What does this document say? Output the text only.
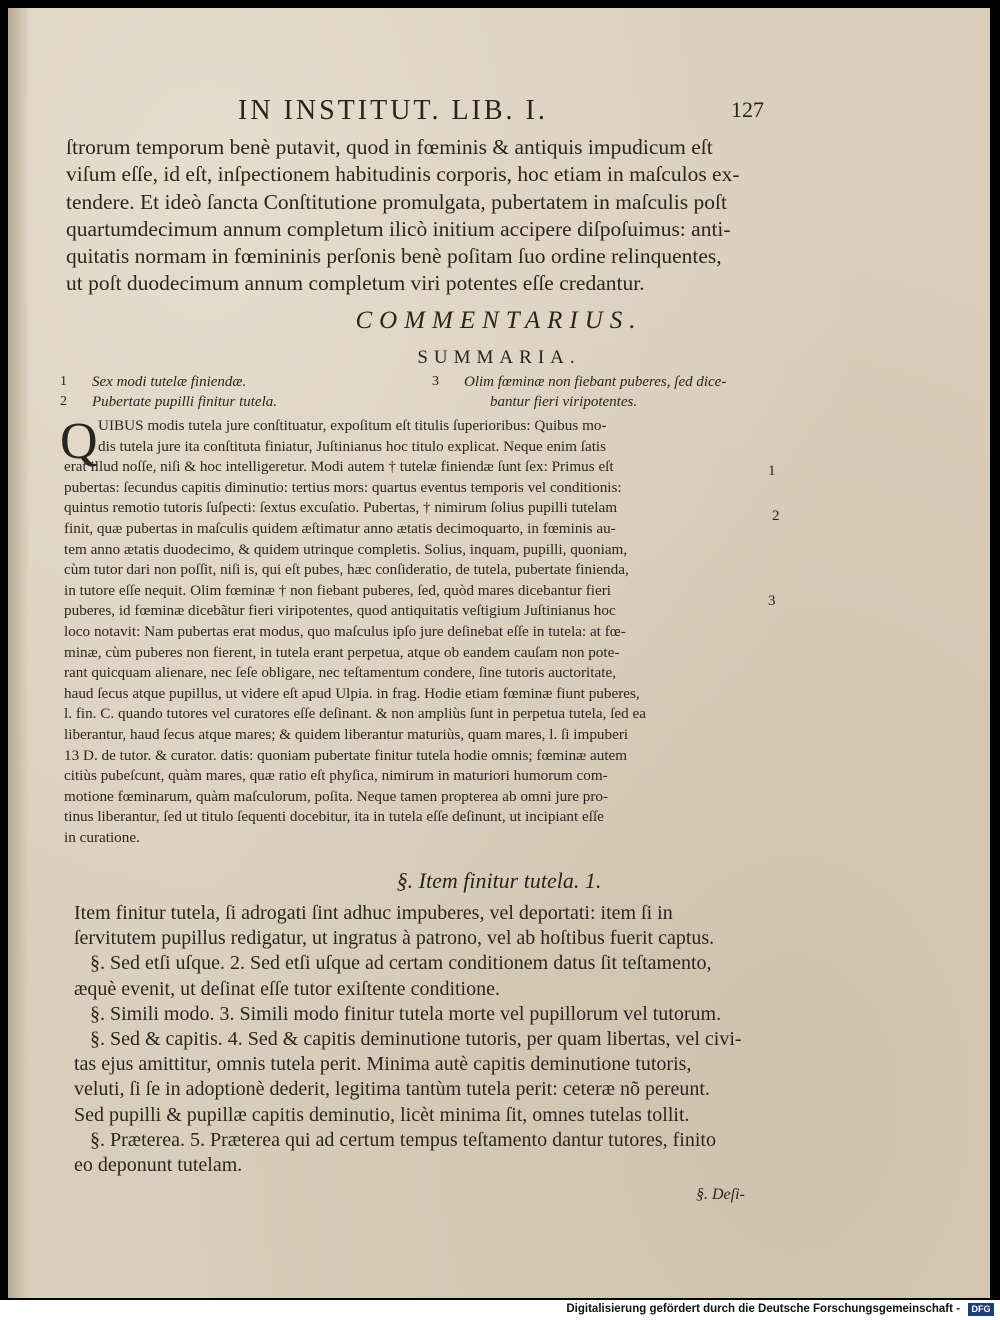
IN INSTITUT. LIB. I.	127
ſtrorum temporum benè putavit, quod in fœminis & antiquis impudicum eſt
viſum eſſe, id eſt, inſpectionem habitudinis corporis, hoc etiam in maſculos ex-
tendere. Et ideò ſancta Conſtitutione promulgata, pubertatem in maſculis poſt
quartumdecimum annum completum ilicò initium accipere diſpoſuimus: anti-
quitatis normam in fœmininis perſonis benè poſitam ſuo ordine relinquentes,
ut poſt duodecimum annum completum viri potentes eſſe credantur.
COMMENTARIUS.
SUMMARIA.
1 Sex modi tutelæ finiendæ.
2 Pubertate pupilli finitur tutela.
3 Olim fœminæ non fiebant puberes, ſed dice-
bantur fieri viripotentes.
Q UIBUS modis tutela jure conſtituatur, expoſitum eſt titulis ſuperioribus: Quibus mo-
dis tutela jure ita conſtituta finiatur, Juſtinianus hoc titulo explicat. Neque enim ſatis
erat illud noſſe, niſi & hoc intelligeretur. Modi autem † tutelæ finiendæ ſunt ſex: Primus eſt
pubertas: ſecundus capitis diminutio: tertius mors: quartus eventus temporis vel conditionis:
quintus remotio tutoris ſuſpecti: ſextus excuſatio. Pubertas, † nimirum ſolius pupilli tutelam
finit, quæ pubertas in maſculis quidem æſtimatur anno ætatis decimoquarto, in fœminis au-
tem anno ætatis duodecimo, & quidem utrinque completis. Solius, inquam, pupilli, quoniam,
cùm tutor dari non poſſit, niſi is, qui eſt pubes, hæc conſideratio, de tutela, pubertate finienda,
in tutore eſſe nequit. Olim fœminæ † non fiebant puberes, ſed, quòd mares dicebantur fieri
puberes, id fœminæ dicebãtur fieri viripotentes, quod antiquitatis veſtigium Juſtinianus hoc
loco notavit: Nam pubertas erat modus, quo maſculus ipſo jure deſinebat eſſe in tutela: at fœ-
minæ, cùm puberes non fierent, in tutela erant perpetua, atque ob eandem cauſam non pote-
rant quicquam alienare, nec ſeſe obligare, nec teſtamentum condere, ſine tutoris auctoritate,
haud ſecus atque pupillus, ut videre eſt apud Ulpia. in frag. Hodie etiam fœminæ fiunt puberes,
l. fin. C. quando tutores vel curatores eſſe deſinant. & non ampliùs ſunt in perpetua tutela, ſed ea
liberantur, haud ſecus atque mares; & quidem liberantur maturiùs, quam mares, l. ſi impuberi
13 D. de tutor. & curator. datis: quoniam pubertate finitur tutela hodie omnis; fœminæ autem
citiùs pubeſcunt, quàm mares, quæ ratio eſt phyſica, nimirum in maturiori humorum com-
motione fœminarum, quàm maſculorum, poſita. Neque tamen propterea ab omni jure pro-
tinus liberantur, ſed ut titulo ſequenti docebitur, ita in tutela eſſe deſinunt, ut incipiant eſſe
in curatione.
1
2
3
§. Item finitur tutela. 1.
Item finitur tutela, ſi adrogati ſint adhuc impuberes, vel deportati: item ſi in
ſervitutem pupillus redigatur, ut ingratus à patrono, vel ab hoſtibus fuerit captus.
§. Sed etſi uſque. 2. Sed etſi uſque ad certam conditionem datus ſit teſtamento,
æquè evenit, ut deſinat eſſe tutor exiſtente conditione.
§. Simili modo. 3. Simili modo finitur tutela morte vel pupillorum vel tutorum.
§. Sed & capitis. 4. Sed & capitis deminutione tutoris, per quam libertas, vel civi-
tas ejus amittitur, omnis tutela perit. Minima autè capitis deminutione tutoris,
veluti, ſi ſe in adoptionè dederit, legitima tantùm tutela perit: ceteræ nõ pereunt.
Sed pupilli & pupillæ capitis deminutio, licèt minima ſit, omnes tutelas tollit.
§. Præterea. 5. Præterea qui ad certum tempus teſtamento dantur tutores, finito
eo deponunt tutelam.
§. Deſi-
Digitalisierung gefördert durch die Deutsche Forschungsgemeinschaft -	DFG
